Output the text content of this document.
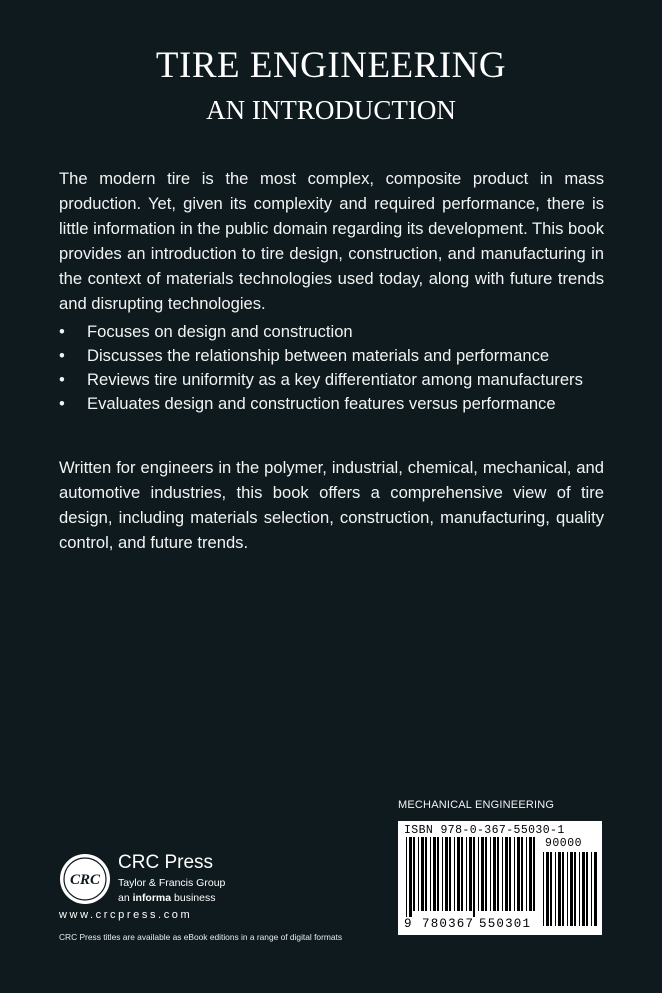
TIRE ENGINEERING
AN INTRODUCTION

The modern tire is the most complex, composite product in mass production. Yet, given its complexity and required performance, there is little information in the public domain regarding its development. This book provides an introduction to tire design, construction, and manufacturing in the context of materials technologies used today, along with future trends and disrupting technologies.

• Focuses on design and construction
• Discusses the relationship between materials and performance
• Reviews tire uniformity as a key differentiator among manufacturers
• Evaluates design and construction features versus performance

Written for engineers in the polymer, industrial, chemical, mechanical, and automotive industries, this book offers a comprehensive view of tire design, including materials selection, construction, manufacturing, quality control, and future trends.

MECHANICAL ENGINEERING
ISBN 978-0-367-55030-1
90000
9 780367 550301
CRC
CRC Press
Taylor & Francis Group
an informa business
www.crcpress.com
CRC Press titles are available as eBook editions in a range of digital formats
